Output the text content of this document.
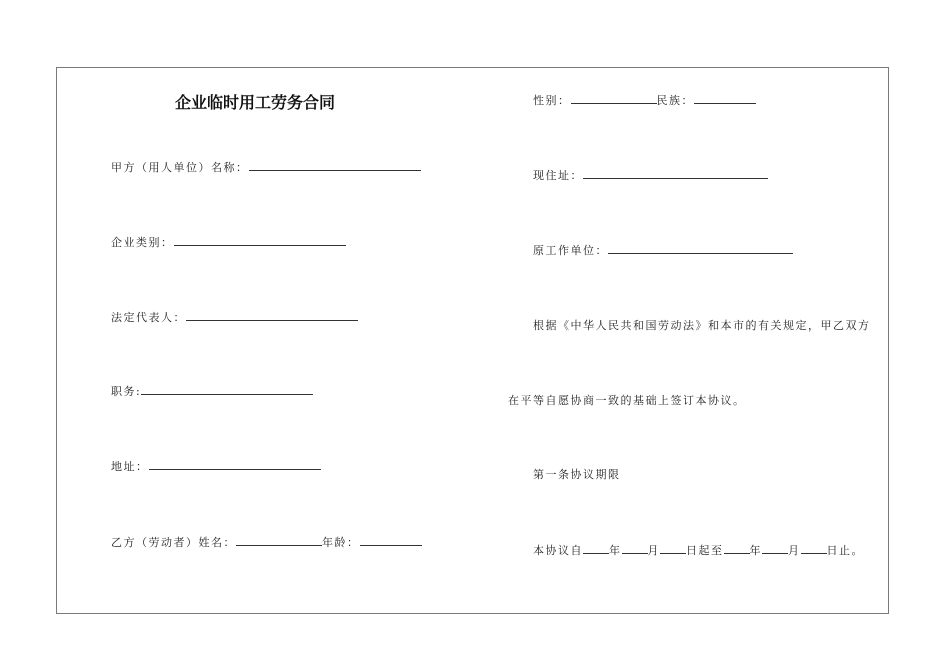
企业临时用工劳务合同
甲方（用人单位）名称：
企业类别：
法定代表人：
职务:
地址：
乙方（劳动者）姓名：	年龄：
性别：	民族：
现住址：
原工作单位：
根据《中华人民共和国劳动法》和本市的有关规定，甲乙双方
在平等自愿协商一致的基础上签订本协议。
第一条协议期限
本协议自 年 月 日起至 年 月 日止。
